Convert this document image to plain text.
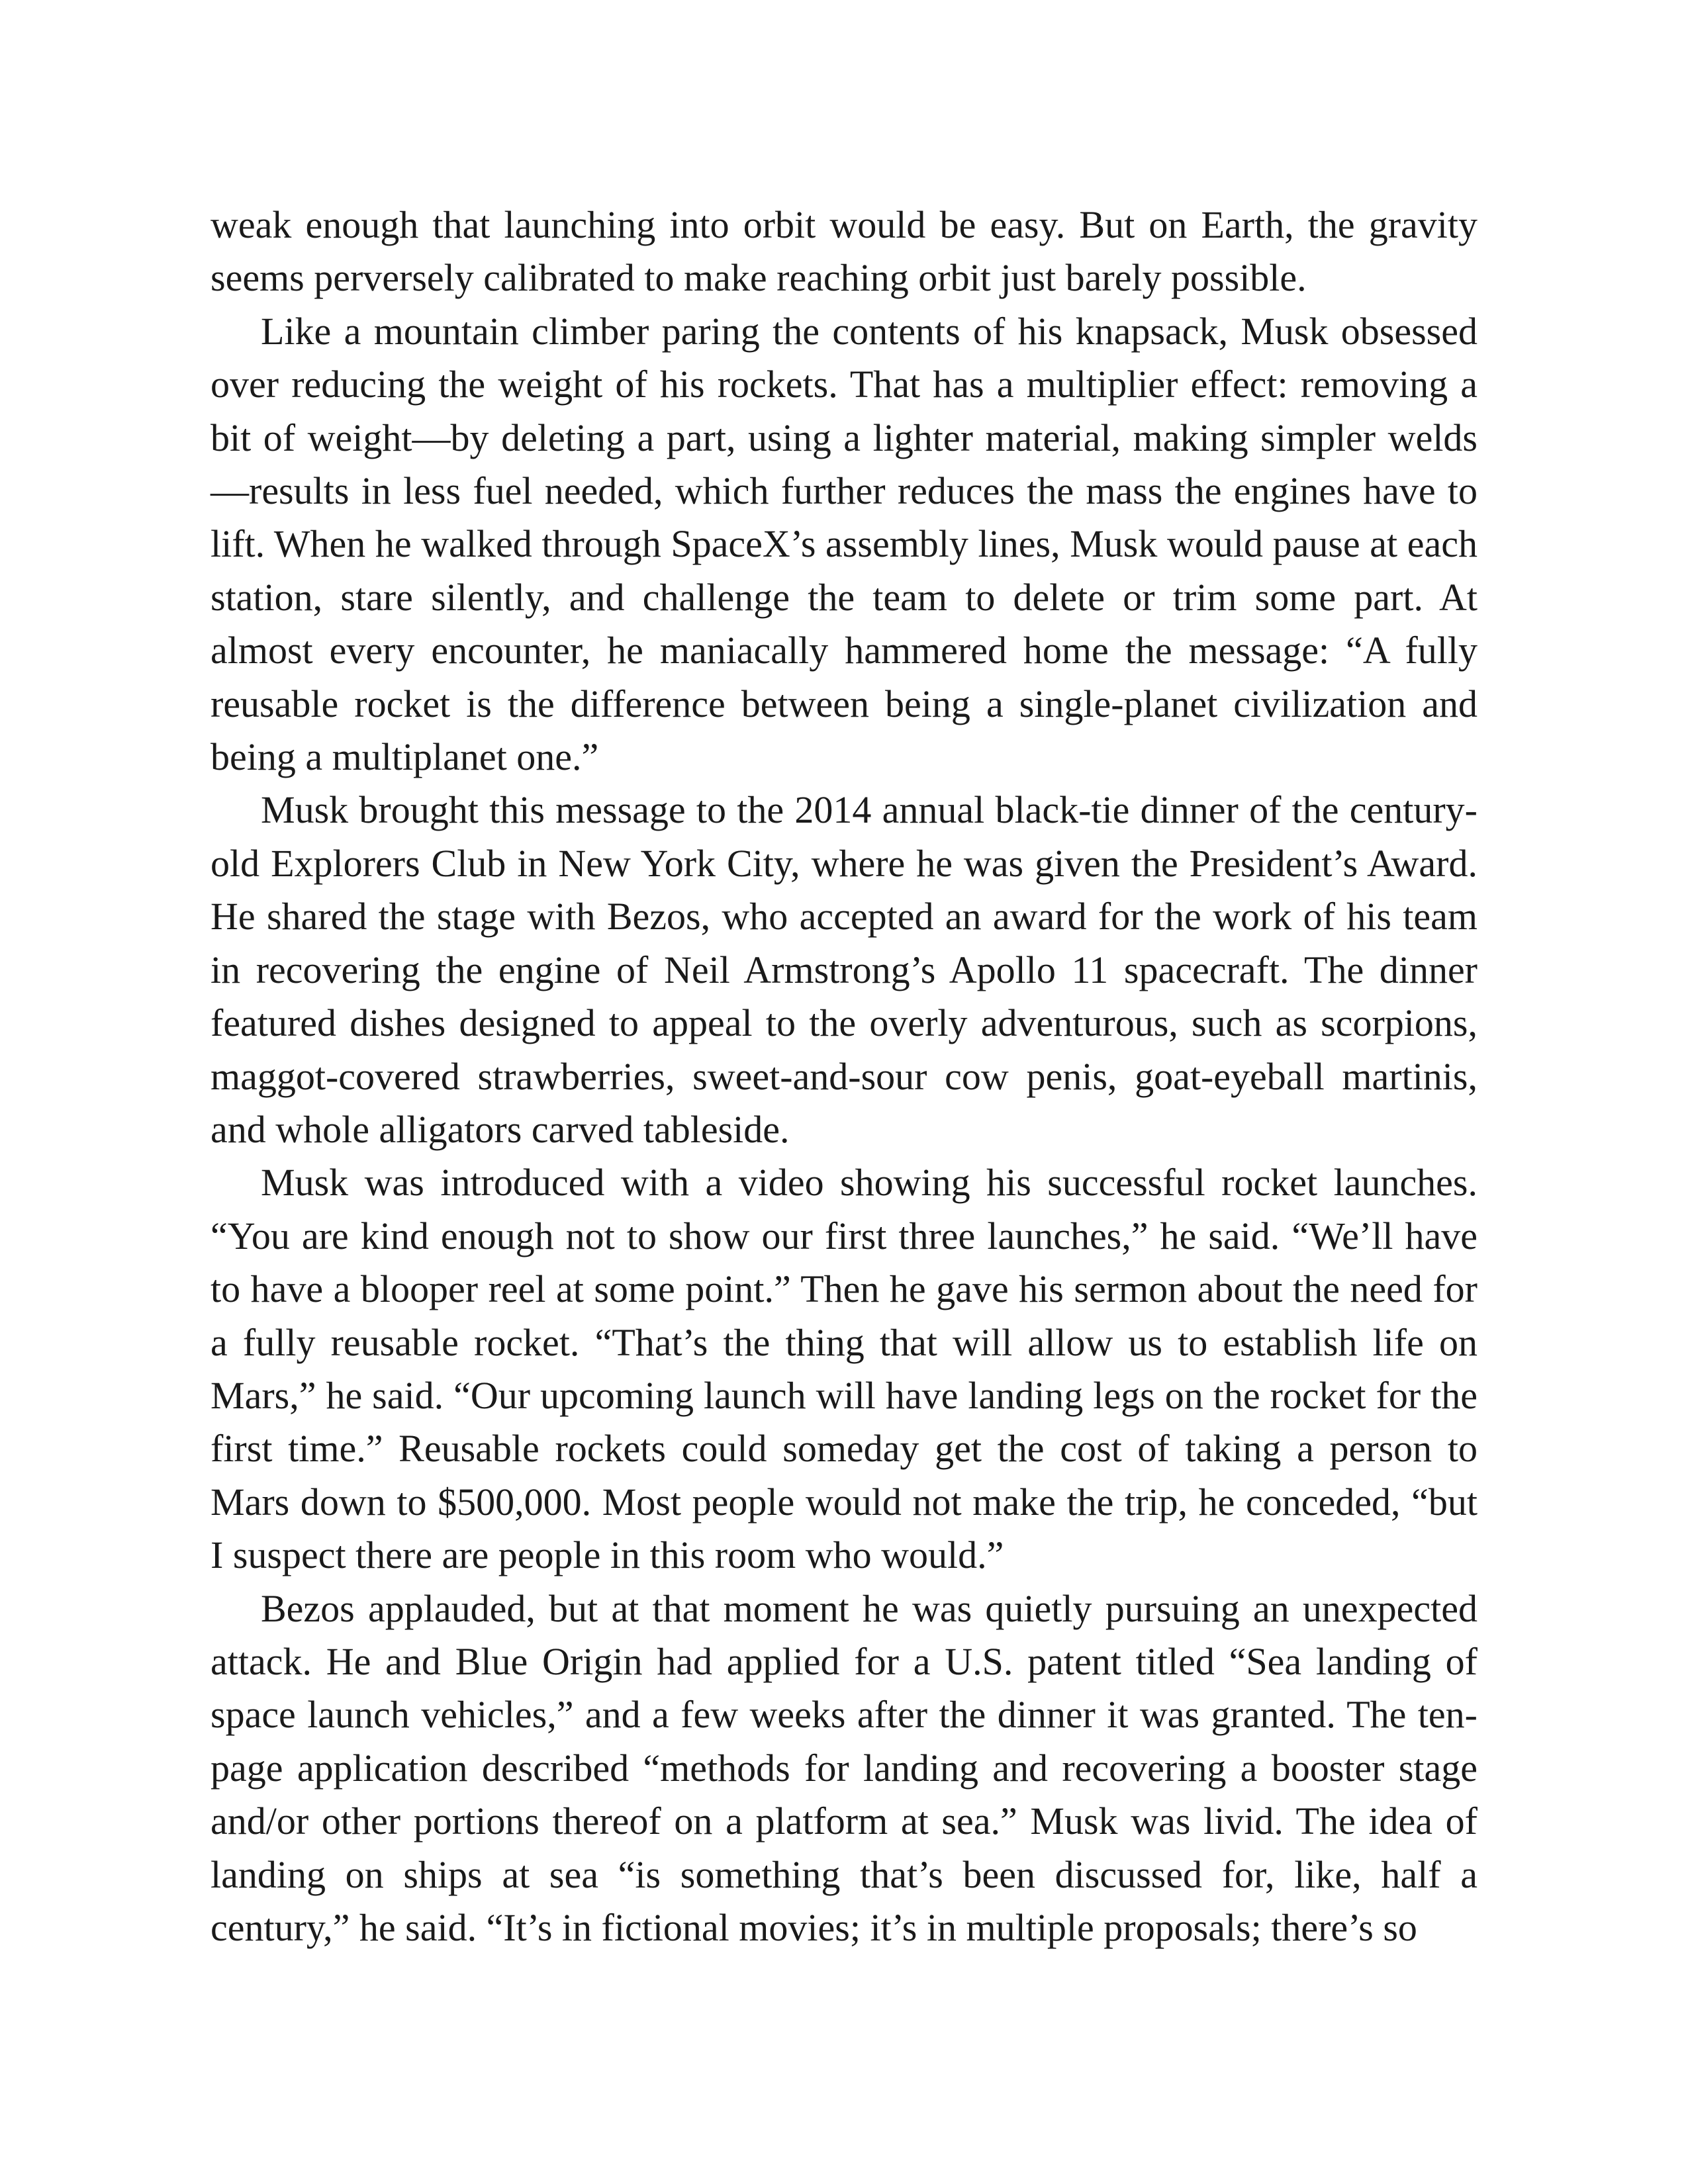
weak enough that launching into orbit would be easy. But on Earth, the gravity seems perversely calibrated to make reaching orbit just barely possible.

Like a mountain climber paring the contents of his knapsack, Musk obsessed over reducing the weight of his rockets. That has a multiplier effect: removing a bit of weight—by deleting a part, using a lighter material, making simpler welds—results in less fuel needed, which further reduces the mass the engines have to lift. When he walked through SpaceX’s assembly lines, Musk would pause at each station, stare silently, and challenge the team to delete or trim some part. At almost every encounter, he maniacally hammered home the message: “A fully reusable rocket is the difference between being a single-planet civilization and being a multiplanet one.”

Musk brought this message to the 2014 annual black-tie dinner of the century-old Explorers Club in New York City, where he was given the President’s Award. He shared the stage with Bezos, who accepted an award for the work of his team in recovering the engine of Neil Armstrong’s Apollo 11 spacecraft. The dinner featured dishes designed to appeal to the overly adventurous, such as scorpions, maggot-covered strawberries, sweet-and-sour cow penis, goat-eyeball martinis, and whole alligators carved tableside.

Musk was introduced with a video showing his successful rocket launches. “You are kind enough not to show our first three launches,” he said. “We’ll have to have a blooper reel at some point.” Then he gave his sermon about the need for a fully reusable rocket. “That’s the thing that will allow us to establish life on Mars,” he said. “Our upcoming launch will have landing legs on the rocket for the first time.” Reusable rockets could someday get the cost of taking a person to Mars down to $500,000. Most people would not make the trip, he conceded, “but I suspect there are people in this room who would.”

Bezos applauded, but at that moment he was quietly pursuing an unexpected attack. He and Blue Origin had applied for a U.S. patent titled “Sea landing of space launch vehicles,” and a few weeks after the dinner it was granted. The ten-page application described “methods for landing and recovering a booster stage and/or other portions thereof on a platform at sea.” Musk was livid. The idea of landing on ships at sea “is something that’s been discussed for, like, half a century,” he said. “It’s in fictional movies; it’s in multiple proposals; there’s so
